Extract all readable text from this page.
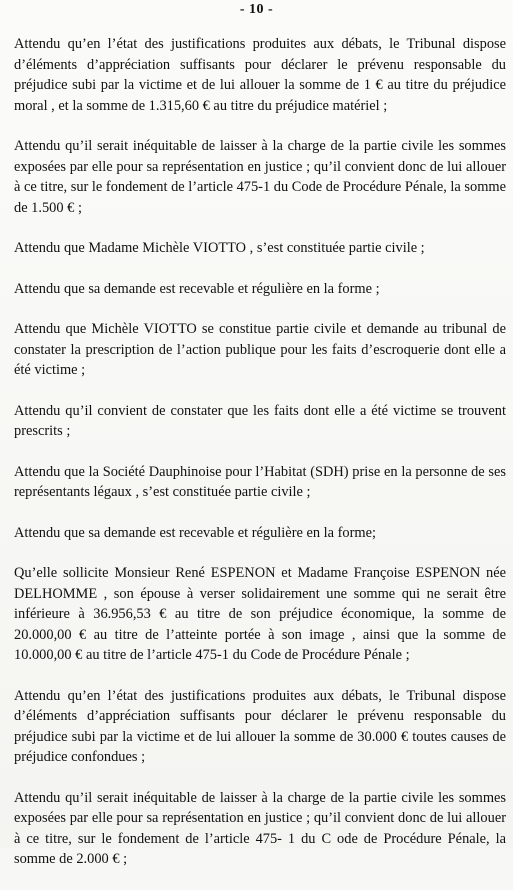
- 10 -

Attendu qu’en l’état des justifications produites aux débats, le Tribunal dispose d’éléments d’appréciation suffisants pour déclarer le prévenu responsable du préjudice subi par la victime et de lui allouer la somme de 1 € au titre du préjudice moral , et la somme de 1.315,60 € au titre du préjudice matériel ;

Attendu qu’il serait inéquitable de laisser à la charge de la partie civile les sommes exposées par elle pour sa représentation en justice ; qu’il convient donc de lui allouer à ce titre, sur le fondement de l’article 475-1 du Code de Procédure Pénale, la somme de 1.500 € ;

Attendu que Madame Michèle VIOTTO , s’est constituée partie civile ;

Attendu que sa demande est recevable et régulière en la forme ;

Attendu que Michèle VIOTTO se constitue partie civile et demande au tribunal de constater la prescription de l’action publique pour les faits d’escroquerie dont elle a été victime ;

Attendu qu’il convient de constater que les faits dont elle a été victime se trouvent prescrits ;

Attendu que la Société Dauphinoise pour l’Habitat (SDH) prise en la personne de ses représentants légaux , s’est constituée partie civile ;

Attendu que sa demande est recevable et régulière en la forme;

Qu’elle sollicite Monsieur René ESPENON et Madame Françoise ESPENON née DELHOMME , son épouse à verser solidairement une somme qui ne serait être inférieure à 36.956,53 € au titre de son préjudice économique, la somme de 20.000,00 € au titre de l’atteinte portée à son image , ainsi que la somme de 10.000,00 € au titre de l’article 475-1 du Code de Procédure Pénale ;

Attendu qu’en l’état des justifications produites aux débats, le Tribunal dispose d’éléments d’appréciation suffisants pour déclarer le prévenu responsable du préjudice subi par la victime et de lui allouer la somme de 30.000 € toutes causes de préjudice confondues ;

Attendu qu’il serait inéquitable de laisser à la charge de la partie civile les sommes exposées par elle pour sa représentation en justice ; qu’il convient donc de lui allouer à ce titre, sur le fondement de l’article 475- 1 du C ode de Procédure Pénale, la somme de 2.000 € ;
